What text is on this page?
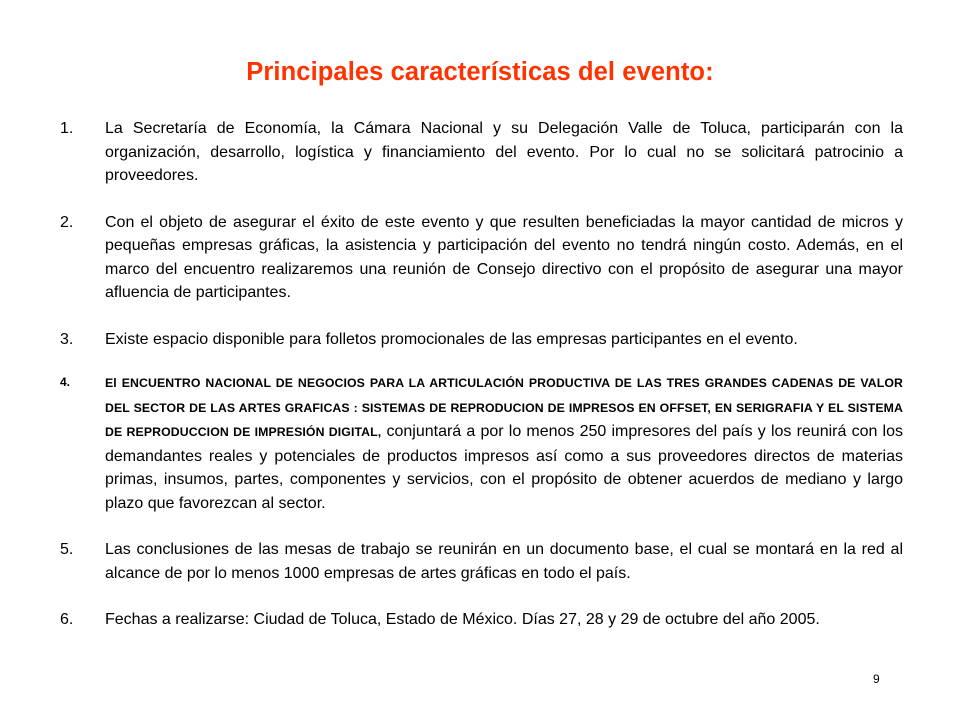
Principales características del evento:
1.	La Secretaría de Economía, la Cámara Nacional y su Delegación Valle de Toluca, participarán con la organización, desarrollo, logística y financiamiento del evento. Por lo cual no se solicitará patrocinio a proveedores.
2.	Con el objeto de asegurar el éxito de este evento y que resulten beneficiadas la mayor cantidad de micros y pequeñas empresas gráficas, la asistencia y participación del evento no tendrá ningún costo. Además, en el marco del encuentro realizaremos una reunión de Consejo directivo con el propósito de asegurar una mayor afluencia de participantes.
3.	Existe espacio disponible para folletos promocionales de las empresas participantes en el evento.
4.	El ENCUENTRO NACIONAL DE NEGOCIOS PARA LA ARTICULACIÓN PRODUCTIVA DE LAS TRES GRANDES CADENAS DE VALOR DEL SECTOR DE LAS ARTES GRAFICAS : SISTEMAS DE REPRODUCION DE IMPRESOS EN OFFSET, EN SERIGRAFIA Y EL SISTEMA DE REPRODUCCION DE IMPRESIÓN DIGITAL, conjuntará a por lo menos 250 impresores del país y los reunirá con los demandantes reales y potenciales de productos impresos así como a sus proveedores directos de materias primas, insumos, partes, componentes y servicios, con el propósito de obtener acuerdos de mediano y largo plazo que favorezcan al sector.
5.	Las conclusiones de las mesas de trabajo se reunirán en un documento base, el cual se montará en la red al alcance de por lo menos 1000 empresas de artes gráficas en todo el país.
6.	Fechas a realizarse: Ciudad de Toluca, Estado de México. Días 27, 28 y 29 de octubre del año 2005.
9
